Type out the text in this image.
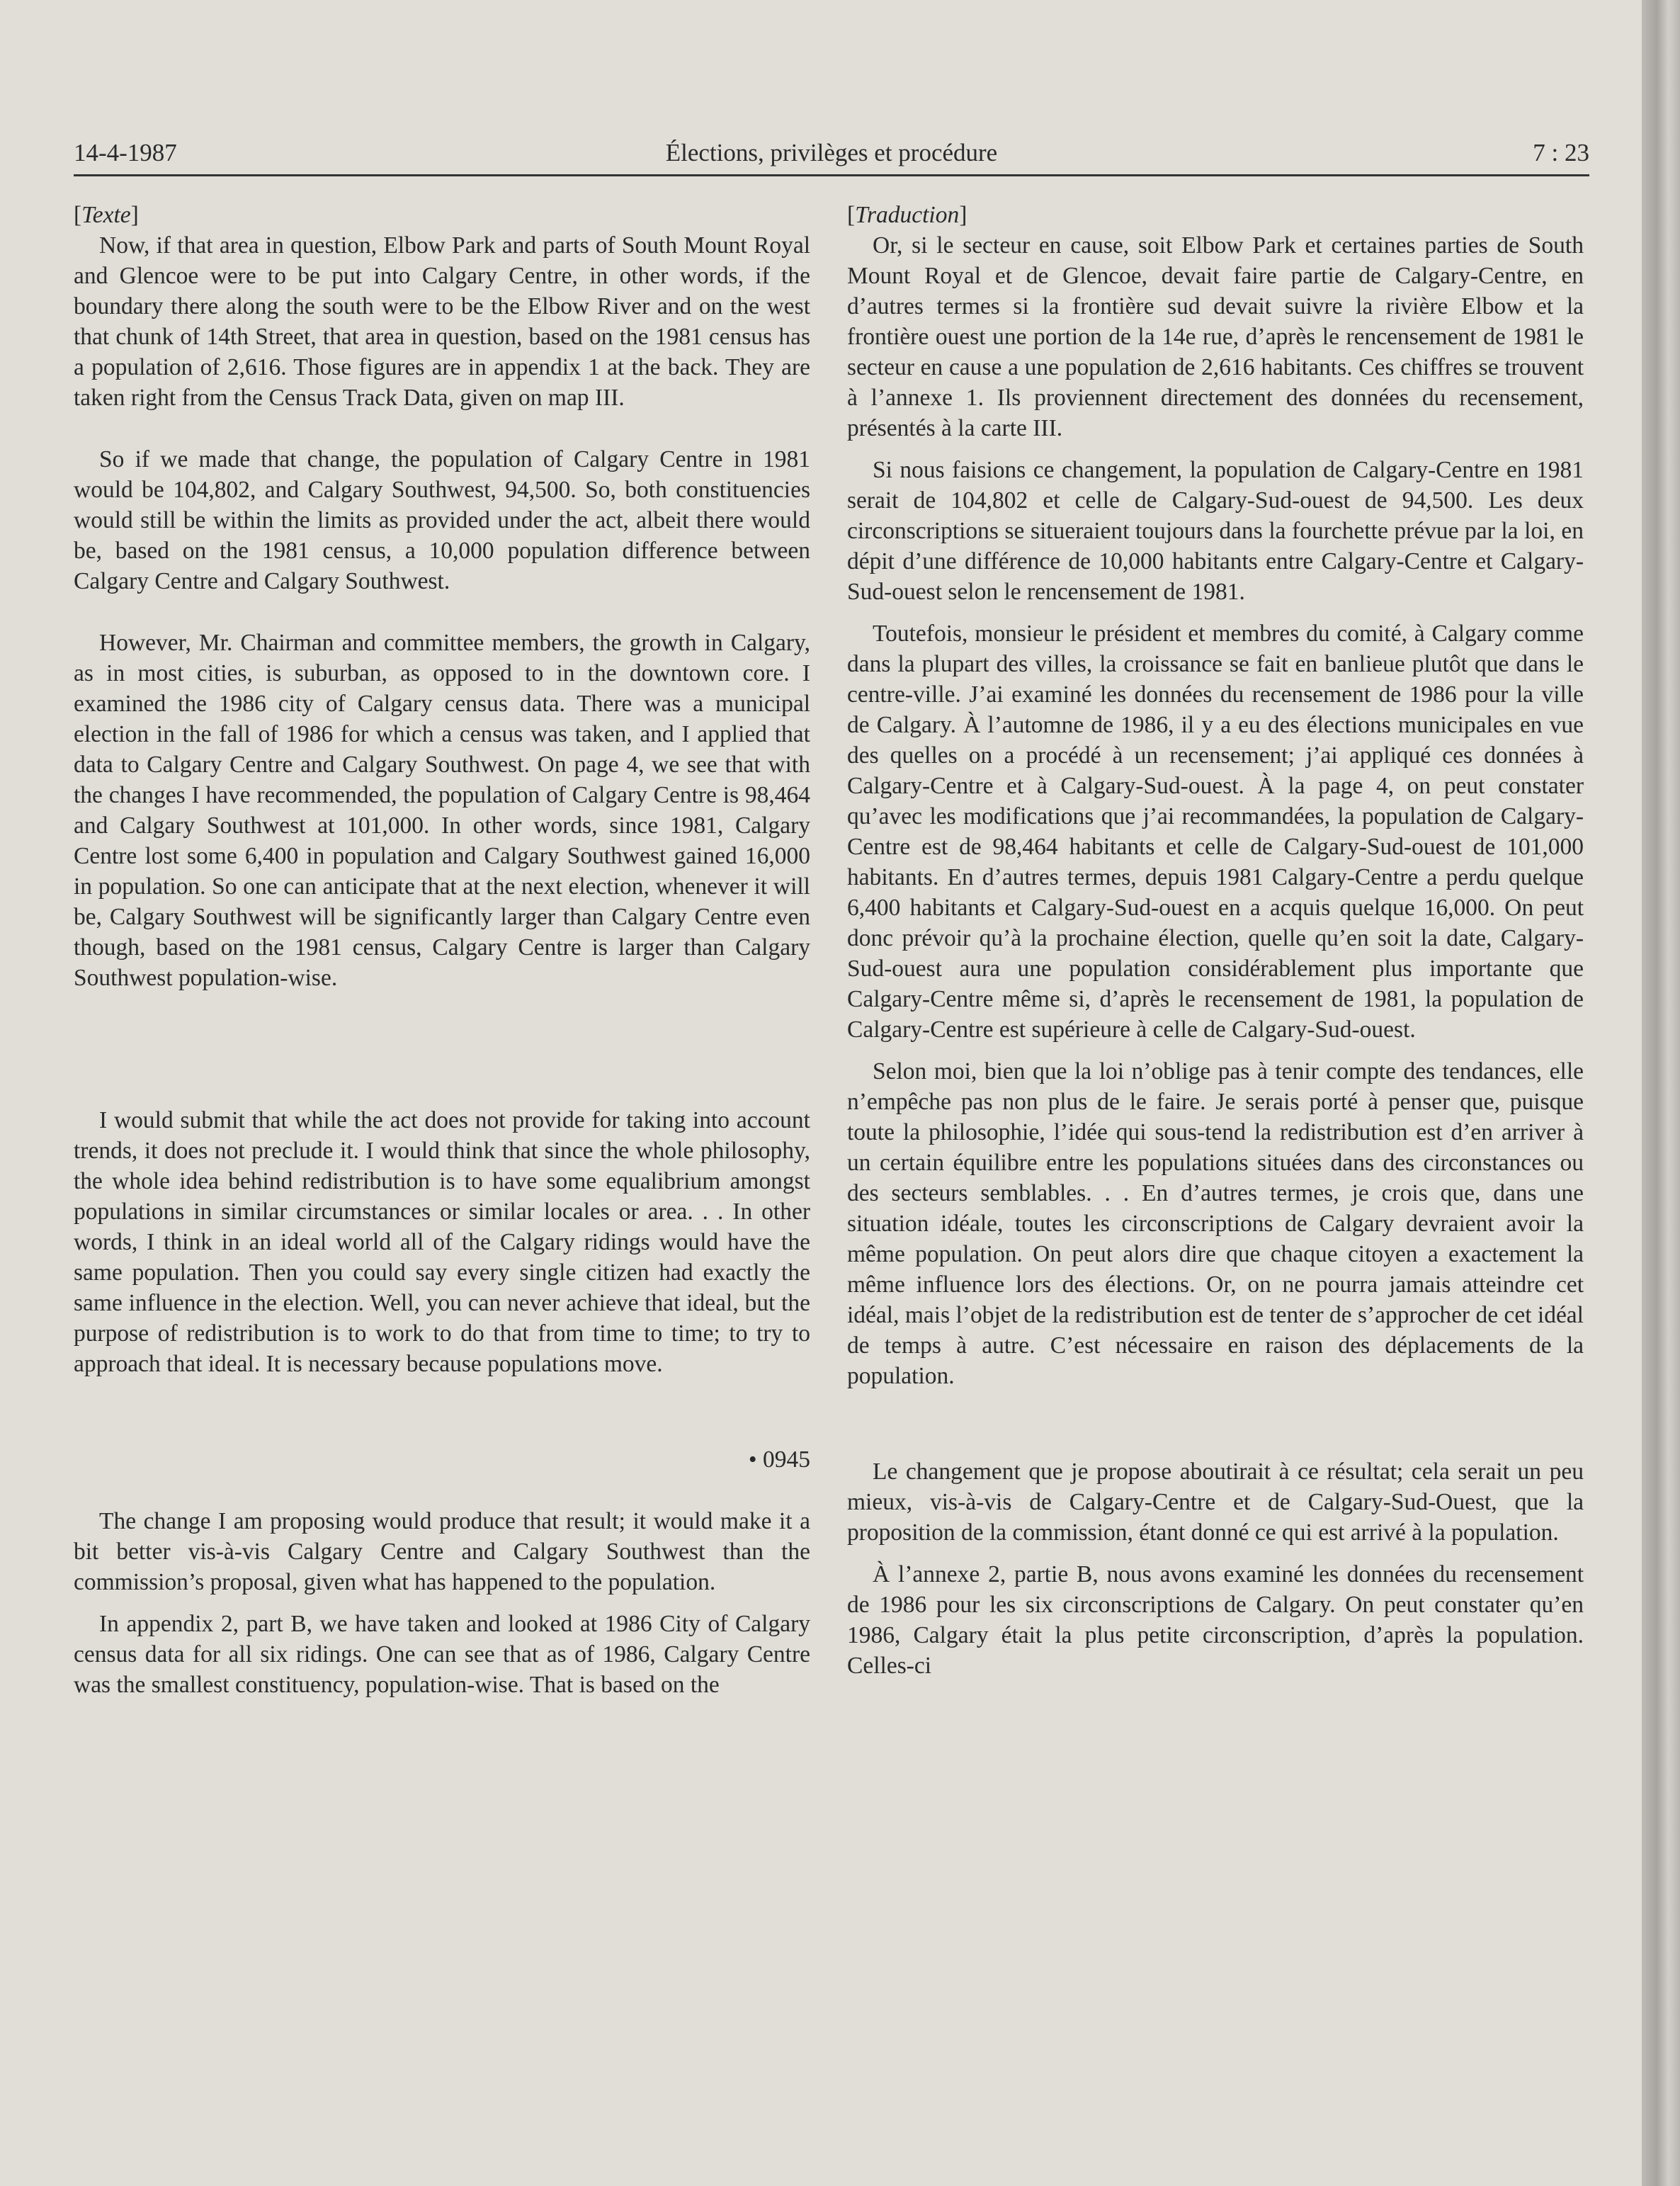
14-4-1987	Élections, privilèges et procédure	7 : 23
[Texte]

Now, if that area in question, Elbow Park and parts of South Mount Royal and Glencoe were to be put into Calgary Centre, in other words, if the boundary there along the south were to be the Elbow River and on the west that chunk of 14th Street, that area in question, based on the 1981 census has a population of 2,616. Those figures are in appendix 1 at the back. They are taken right from the Census Track Data, given on map III.

So if we made that change, the population of Calgary Centre in 1981 would be 104,802, and Calgary Southwest, 94,500. So, both constituencies would still be within the limits as provided under the act, albeit there would be, based on the 1981 census, a 10,000 population difference between Calgary Centre and Calgary Southwest.

However, Mr. Chairman and committee members, the growth in Calgary, as in most cities, is suburban, as opposed to in the downtown core. I examined the 1986 city of Calgary census data. There was a municipal election in the fall of 1986 for which a census was taken, and I applied that data to Calgary Centre and Calgary Southwest. On page 4, we see that with the changes I have recommended, the population of Calgary Centre is 98,464 and Calgary Southwest at 101,000. In other words, since 1981, Calgary Centre lost some 6,400 in population and Calgary Southwest gained 16,000 in population. So one can anticipate that at the next election, whenever it will be, Calgary Southwest will be significantly larger than Calgary Centre even though, based on the 1981 census, Calgary Centre is larger than Calgary Southwest population-wise.

I would submit that while the act does not provide for taking into account trends, it does not preclude it. I would think that since the whole philosophy, the whole idea behind redistribution is to have some equalibrium amongst populations in similar circumstances or similar locales or area. . . In other words, I think in an ideal world all of the Calgary ridings would have the same population. Then you could say every single citizen had exactly the same influence in the election. Well, you can never achieve that ideal, but the purpose of redistribution is to work to do that from time to time; to try to approach that ideal. It is necessary because populations move.

• 0945

The change I am proposing would produce that result; it would make it a bit better vis-à-vis Calgary Centre and Calgary Southwest than the commission’s proposal, given what has happened to the population.

In appendix 2, part B, we have taken and looked at 1986 City of Calgary census data for all six ridings. One can see that as of 1986, Calgary Centre was the smallest constituency, population-wise. That is based on the

[Traduction]

Or, si le secteur en cause, soit Elbow Park et certaines parties de South Mount Royal et de Glencoe, devait faire partie de Calgary-Centre, en d’autres termes si la frontière sud devait suivre la rivière Elbow et la frontière ouest une portion de la 14e rue, d’après le rencensement de 1981 le secteur en cause a une population de 2,616 habitants. Ces chiffres se trouvent à l’annexe 1. Ils proviennent directement des données du recensement, présentés à la carte III.

Si nous faisions ce changement, la population de Calgary-Centre en 1981 serait de 104,802 et celle de Calgary-Sud-ouest de 94,500. Les deux circonscriptions se situeraient toujours dans la fourchette prévue par la loi, en dépit d’une différence de 10,000 habitants entre Calgary-Centre et Calgary-Sud-ouest selon le rencensement de 1981.

Toutefois, monsieur le président et membres du comité, à Calgary comme dans la plupart des villes, la croissance se fait en banlieue plutôt que dans le centre-ville. J’ai examiné les données du recensement de 1986 pour la ville de Calgary. À l’automne de 1986, il y a eu des élections municipales en vue des quelles on a procédé à un recensement; j’ai appliqué ces données à Calgary-Centre et à Calgary-Sud-ouest. À la page 4, on peut constater qu’avec les modifications que j’ai recommandées, la population de Calgary-Centre est de 98,464 habitants et celle de Calgary-Sud-ouest de 101,000 habitants. En d’autres termes, depuis 1981 Calgary-Centre a perdu quelque 6,400 habitants et Calgary-Sud-ouest en a acquis quelque 16,000. On peut donc prévoir qu’à la prochaine élection, quelle qu’en soit la date, Calgary-Sud-ouest aura une population considérablement plus importante que Calgary-Centre même si, d’après le recensement de 1981, la population de Calgary-Centre est supérieure à celle de Calgary-Sud-ouest.

Selon moi, bien que la loi n’oblige pas à tenir compte des tendances, elle n’empêche pas non plus de le faire. Je serais porté à penser que, puisque toute la philosophie, l’idée qui sous-tend la redistribution est d’en arriver à un certain équilibre entre les populations situées dans des circonstances ou des secteurs semblables. . . En d’autres termes, je crois que, dans une situation idéale, toutes les circonscriptions de Calgary devraient avoir la même population. On peut alors dire que chaque citoyen a exactement la même influence lors des élections. Or, on ne pourra jamais atteindre cet idéal, mais l’objet de la redistribution est de tenter de s’approcher de cet idéal de temps à autre. C’est nécessaire en raison des déplacements de la population.

Le changement que je propose aboutirait à ce résultat; cela serait un peu mieux, vis-à-vis de Calgary-Centre et de Calgary-Sud-Ouest, que la proposition de la commission, étant donné ce qui est arrivé à la population.

À l’annexe 2, partie B, nous avons examiné les données du recensement de 1986 pour les six circonscriptions de Calgary. On peut constater qu’en 1986, Calgary était la plus petite circonscription, d’après la population. Celles-ci
